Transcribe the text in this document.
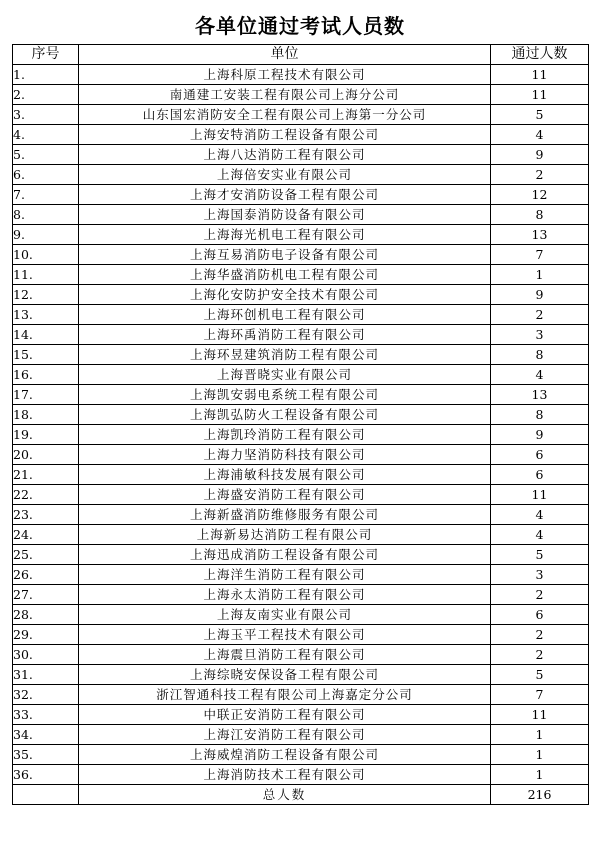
各单位通过考试人员数
序号	单位	通过人数
1.	上海科原工程技术有限公司	11
2.	南通建工安装工程有限公司上海分公司	11
3.	山东国宏消防安全工程有限公司上海第一分公司	5
4.	上海安特消防工程设备有限公司	4
5.	上海八达消防工程有限公司	9
6.	上海倍安实业有限公司	2
7.	上海才安消防设备工程有限公司	12
8.	上海国泰消防设备有限公司	8
9.	上海海光机电工程有限公司	13
10.	上海互易消防电子设备有限公司	7
11.	上海华盛消防机电工程有限公司	1
12.	上海化安防护安全技术有限公司	9
13.	上海环创机电工程有限公司	2
14.	上海环禹消防工程有限公司	3
15.	上海环昱建筑消防工程有限公司	8
16.	上海晋晓实业有限公司	4
17.	上海凯安弱电系统工程有限公司	13
18.	上海凯弘防火工程设备有限公司	8
19.	上海凯玲消防工程有限公司	9
20.	上海力坚消防科技有限公司	6
21.	上海浦敏科技发展有限公司	6
22.	上海盛安消防工程有限公司	11
23.	上海新盛消防维修服务有限公司	4
24.	上海新易达消防工程有限公司	4
25.	上海迅成消防工程设备有限公司	5
26.	上海洋生消防工程有限公司	3
27.	上海永太消防工程有限公司	2
28.	上海友南实业有限公司	6
29.	上海玉平工程技术有限公司	2
30.	上海震旦消防工程有限公司	2
31.	上海综晓安保设备工程有限公司	5
32.	浙江智通科技工程有限公司上海嘉定分公司	7
33.	中联正安消防工程有限公司	11
34.	上海江安消防工程有限公司	1
35.	上海威煌消防工程设备有限公司	1
36.	上海消防技术工程有限公司	1
	总人数	216
